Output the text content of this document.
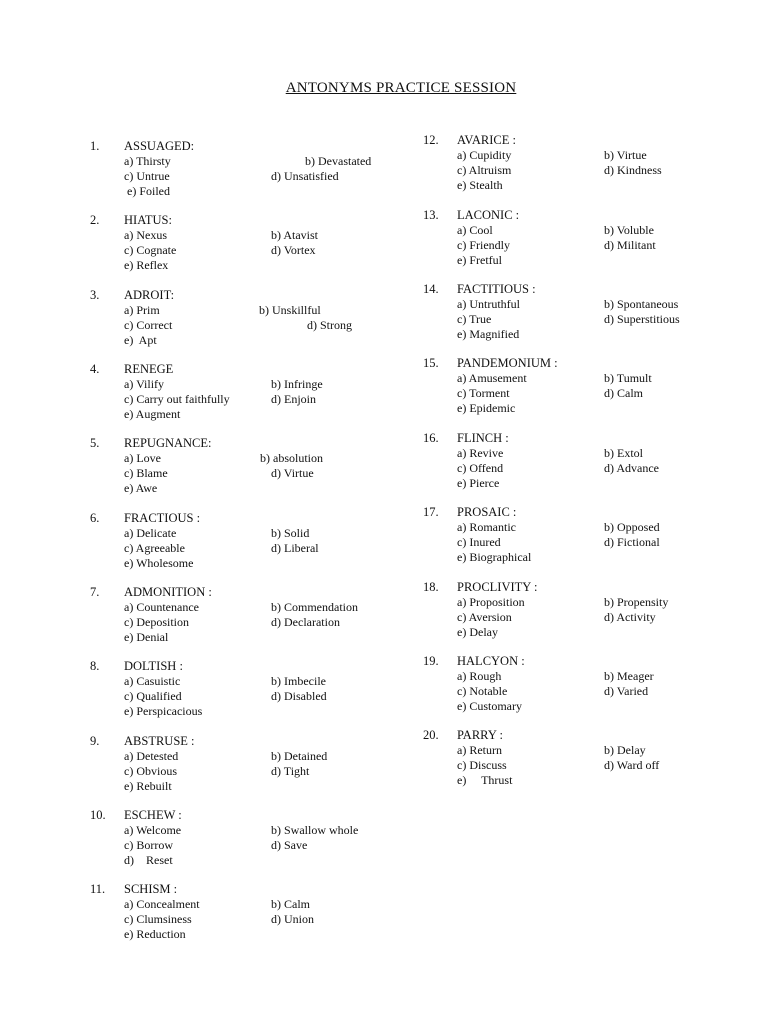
ANTONYMS PRACTICE SESSION
1. ASSUAGED:
a) Thirsty	b) Devastated
c) Untrue	d) Unsatisfied
e) Foiled
2. HIATUS:
a) Nexus	b) Atavist
c) Cognate	d) Vortex
e) Reflex
3. ADROIT:
a) Prim	b) Unskillful
c) Correct	d) Strong
e)  Apt
4. RENEGE
a) Vilify	b) Infringe
c) Carry out faithfully	d) Enjoin
e) Augment
5. REPUGNANCE:
a) Love	b) absolution
c) Blame	d) Virtue
e) Awe
6. FRACTIOUS :
a) Delicate	b) Solid
c) Agreeable	d) Liberal
e) Wholesome
7. ADMONITION :
a) Countenance	b) Commendation
c) Deposition	d) Declaration
e) Denial
8. DOLTISH :
a) Casuistic	b) Imbecile
c) Qualified	d) Disabled
e) Perspicacious
9. ABSTRUSE :
a) Detested	b) Detained
c) Obvious	d) Tight
e) Rebuilt
10. ESCHEW :
a) Welcome	b) Swallow whole
c) Borrow	d) Save
d)    Reset
11. SCHISM :
a) Concealment	b) Calm
c) Clumsiness	d) Union
e) Reduction
12. AVARICE :
a) Cupidity	b) Virtue
c) Altruism	d) Kindness
e) Stealth
13. LACONIC :
a) Cool	b) Voluble
c) Friendly	d) Militant
e) Fretful
14. FACTITIOUS :
a) Untruthful	b) Spontaneous
c) True	d) Superstitious
e) Magnified
15. PANDEMONIUM :
a) Amusement	b) Tumult
c) Torment	d) Calm
e) Epidemic
16. FLINCH :
a) Revive	b) Extol
c) Offend	d) Advance
e) Pierce
17. PROSAIC :
a) Romantic	b) Opposed
c) Inured	d) Fictional
e) Biographical
18. PROCLIVITY :
a) Proposition	b) Propensity
c) Aversion	d) Activity
e) Delay
19. HALCYON :
a) Rough	b) Meager
c) Notable	d) Varied
e) Customary
20. PARRY :
a) Return	b) Delay
c) Discuss	d) Ward off
e)     Thrust
